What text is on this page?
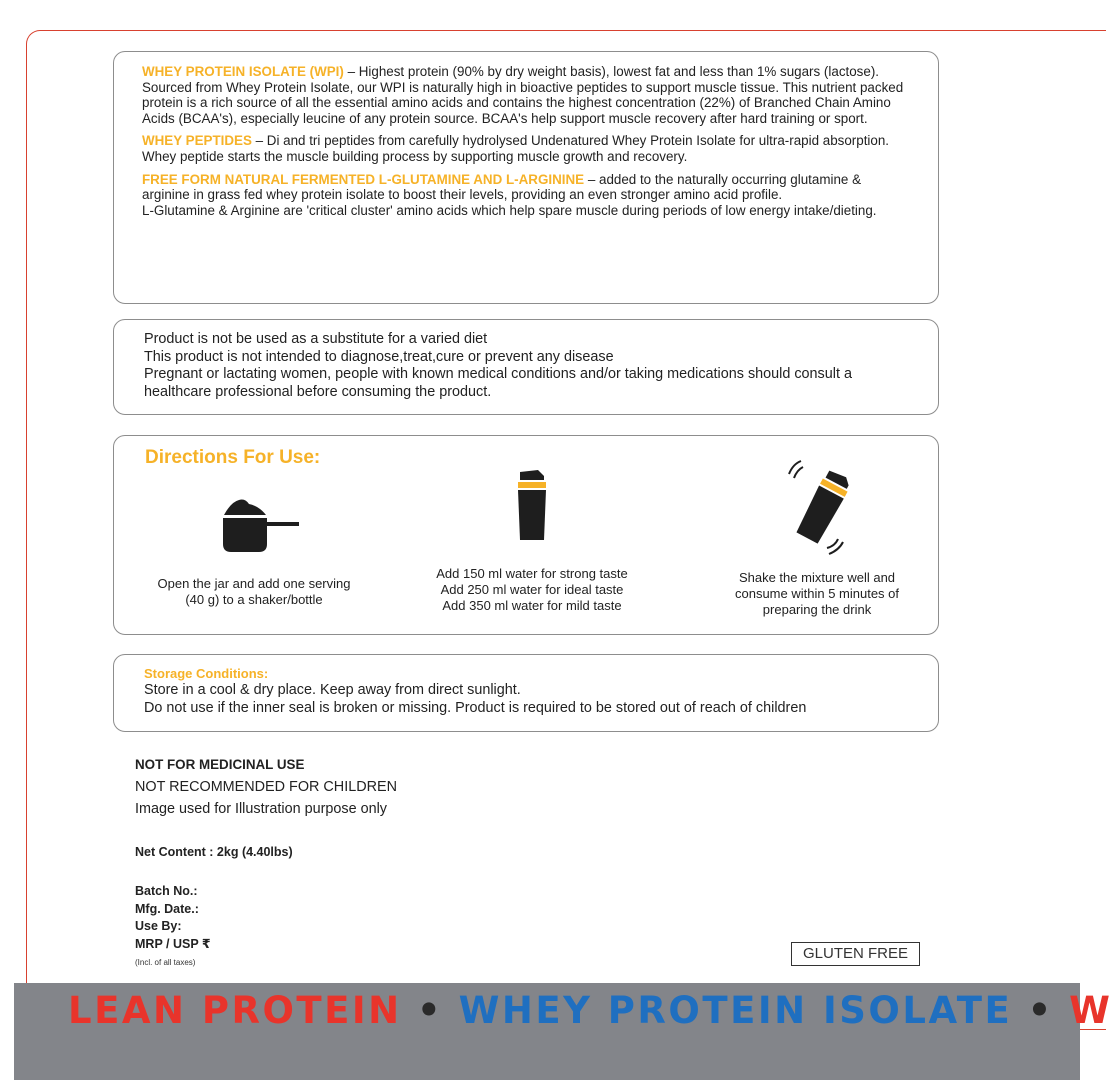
WHEY PROTEIN ISOLATE (WPI) – Highest protein (90% by dry weight basis), lowest fat and less than 1% sugars (lactose). Sourced from Whey Protein Isolate, our WPI is naturally high in bioactive peptides to support muscle tissue. This nutrient packed protein is a rich source of all the essential amino acids and contains the highest concentration (22%) of Branched Chain Amino Acids (BCAA's), especially leucine of any protein source. BCAA's help support muscle recovery after hard training or sport.

WHEY PEPTIDES – Di and tri peptides from carefully hydrolysed Undenatured Whey Protein Isolate for ultra-rapid absorption. Whey peptide starts the muscle building process by supporting muscle growth and recovery.

FREE FORM NATURAL FERMENTED L-GLUTAMINE AND L-ARGININE – added to the naturally occurring glutamine & arginine in grass fed whey protein isolate to boost their levels, providing an even stronger amino acid profile.
L-Glutamine & Arginine are 'critical cluster' amino acids which help spare muscle during periods of low energy intake/dieting.

Product is not be used as a substitute for a varied diet
This product is not intended to diagnose,treat,cure or prevent any disease
Pregnant or lactating women, people with known medical conditions and/or taking medications should consult a healthcare professional before consuming the product.
Directions For Use:
Open the jar and add one serving
(40 g) to a shaker/bottle
Add 150 ml water for strong taste
Add 250 ml water for ideal taste
Add 350 ml water for mild taste
Shake the mixture well and
consume within 5 minutes of
preparing the drink
Storage Conditions:
Store in a cool & dry place. Keep away from direct sunlight.
Do not use if the inner seal is broken or missing. Product is required to be stored out of reach of children
NOT FOR MEDICINAL USE
NOT RECOMMENDED FOR CHILDREN
Image used for Illustration purpose only
Net Content : 2kg (4.40lbs)
Batch No.:
Mfg. Date.:
Use By:
MRP / USP ₹
(Incl. of all taxes)
GLUTEN FREE
LEAN PROTEIN • WHEY PROTEIN ISOLATE • W
